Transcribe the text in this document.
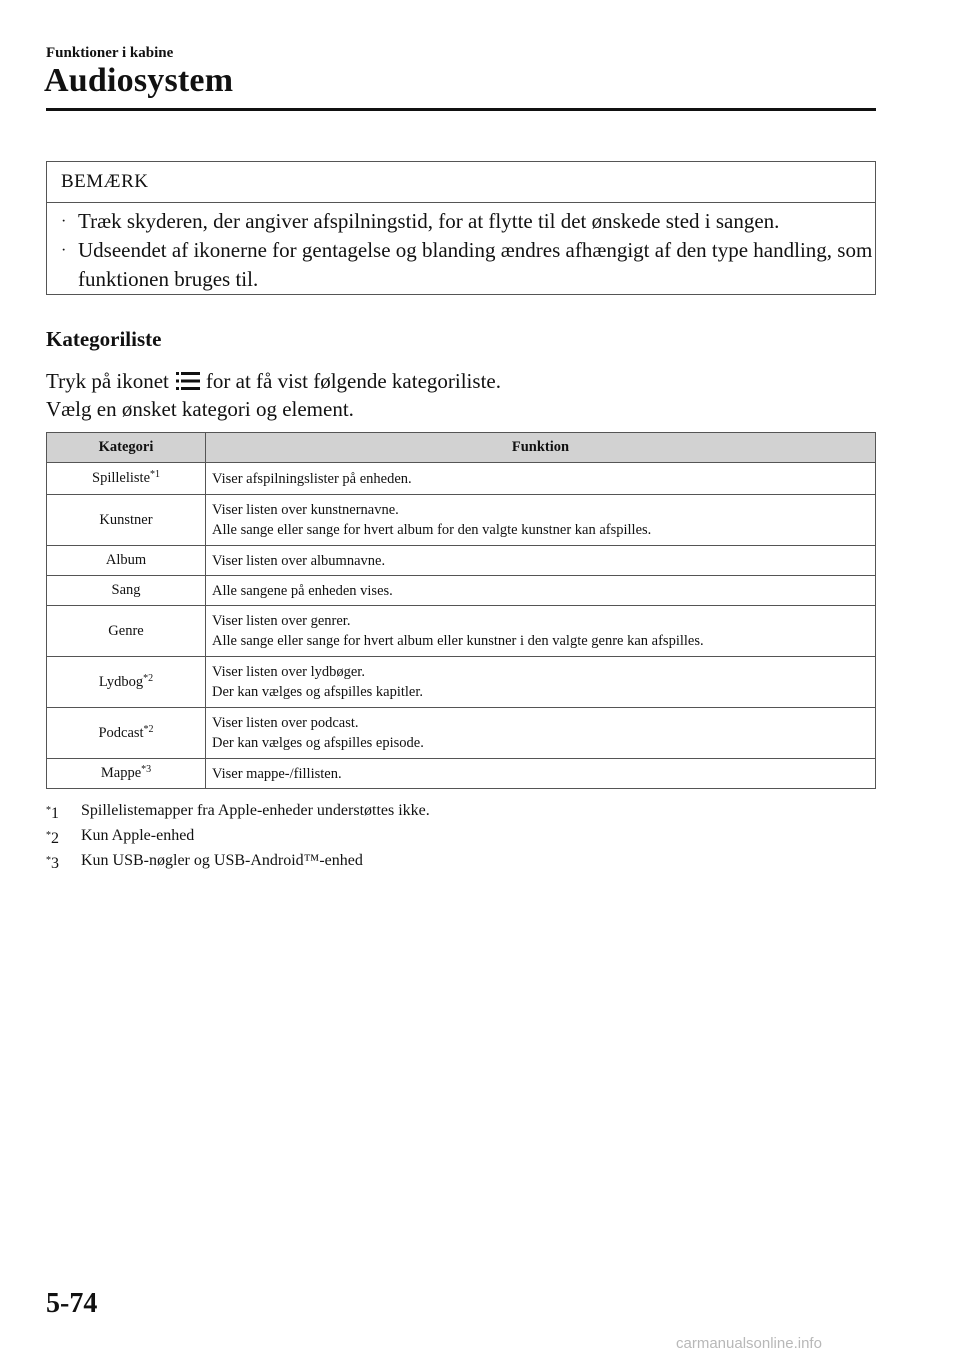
Funktioner i kabine
Audiosystem
BEMÆRK
· Træk skyderen, der angiver afspilningstid, for at flytte til det ønskede sted i sangen.
· Udseendet af ikonerne for gentagelse og blanding ændres afhængigt af den type handling, som funktionen bruges til.
Kategoriliste
Tryk på ikonet for at få vist følgende kategoriliste.
Vælg en ønsket kategori og element.
Kategori	Funktion
Spilleliste$^{*1}$	Viser afspilningslister på enheden.

Kunstner	Viser listen over kunstnernavne.
Alle sange eller sange for hvert album for den valgte kunstner kan afspilles.

Album	Viser listen over albumnavne.

Sang	Alle sangene på enheden vises.

Genre	Viser listen over genrer.
Alle sange eller sange for hvert album eller kunstner i den valgte genre kan afspilles.

Lydbog$^{*2}$	Viser listen over lydbøger.
Der kan vælges og afspilles kapitler.

Podcast$^{*2}$	Viser listen over podcast.
Der kan vælges og afspilles episode.

Mappe$^{*3}$	Viser mappe-/fillisten.
*1	Spillelistemapper fra Apple-enheder understøttes ikke.
*2	Kun Apple-enhed
*3	Kun USB-nøgler og USB-Android™-enhed
5-74
carmanualsonline.info
